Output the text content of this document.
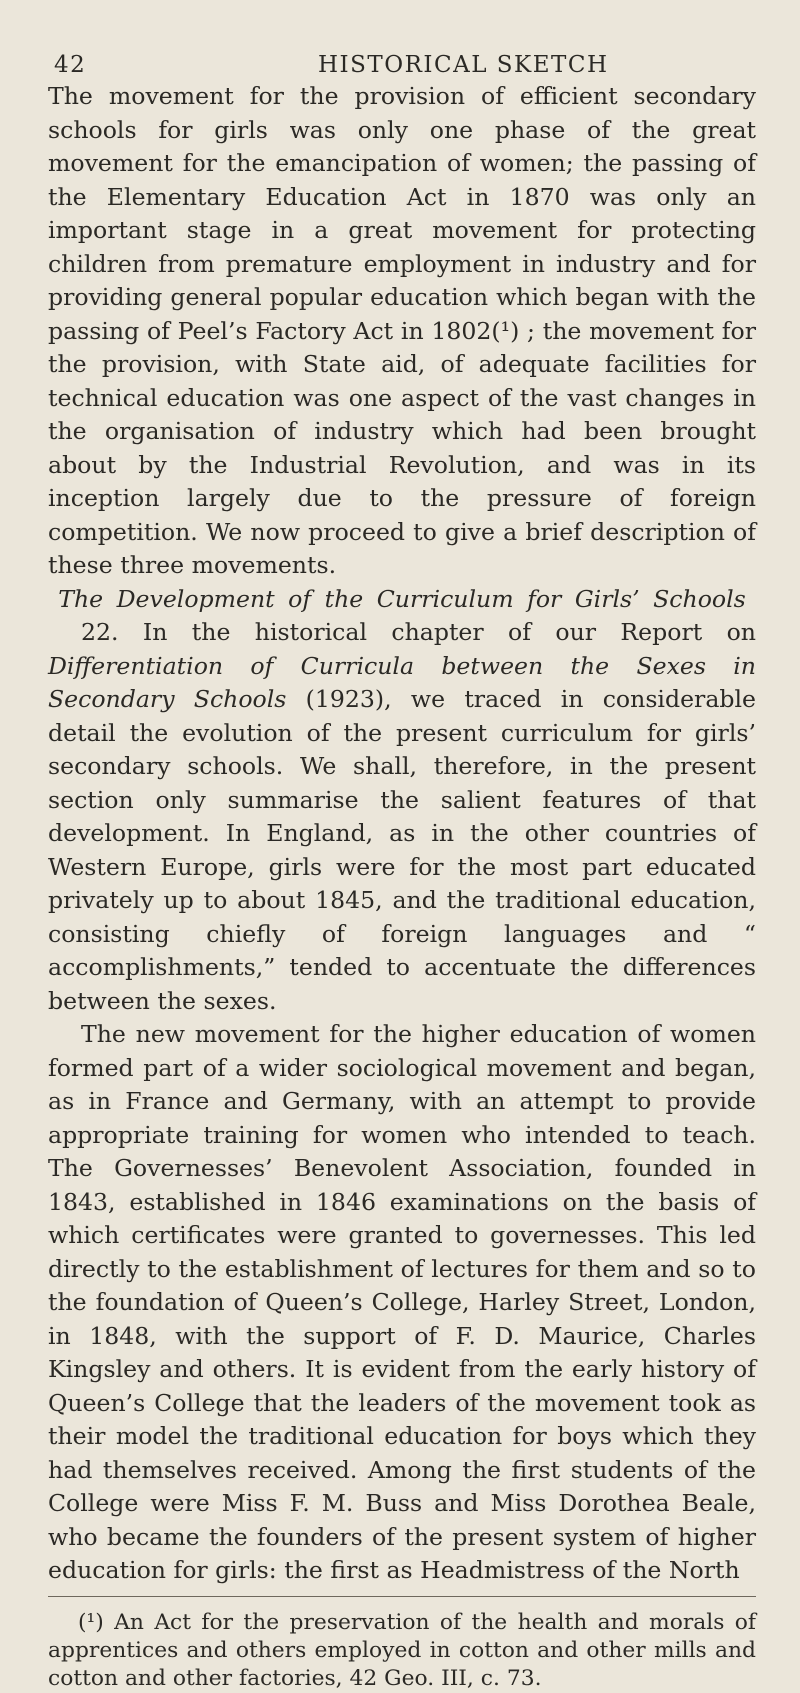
42	HISTORICAL SKETCH

The movement for the provision of efficient secondary schools for girls was only one phase of the great movement for the emancipation of women; the passing of the Elementary Education Act in 1870 was only an important stage in a great movement for protecting children from premature employment in industry and for providing general popular education which began with the passing of Peel’s Factory Act in 1802(¹) ; the movement for the provision, with State aid, of adequate facilities for technical education was one aspect of the vast changes in the organisation of industry which had been brought about by the Industrial Revolution, and was in its inception largely due to the pressure of foreign competition. We now proceed to give a brief description of these three movements.

The Development of the Curriculum for Girls’ Schools

22. In the historical chapter of our Report on Differentiation of Curricula between the Sexes in Secondary Schools (1923), we traced in considerable detail the evolution of the present curriculum for girls’ secondary schools. We shall, therefore, in the present section only summarise the salient features of that development. In England, as in the other countries of Western Europe, girls were for the most part educated privately up to about 1845, and the traditional education, consisting chiefly of foreign languages and “ accomplishments,” tended to accentuate the differences between the sexes.

The new movement for the higher education of women formed part of a wider sociological movement and began, as in France and Germany, with an attempt to provide appropriate training for women who intended to teach. The Governesses’ Benevolent Association, founded in 1843, established in 1846 examinations on the basis of which certificates were granted to governesses. This led directly to the establishment of lectures for them and so to the foundation of Queen’s College, Harley Street, London, in 1848, with the support of F. D. Maurice, Charles Kingsley and others. It is evident from the early history of Queen’s College that the leaders of the movement took as their model the traditional education for boys which they had themselves received. Among the first students of the College were Miss F. M. Buss and Miss Dorothea Beale, who became the founders of the present system of higher education for girls: the first as Headmistress of the North

(¹) An Act for the preservation of the health and morals of apprentices and others employed in cotton and other mills and cotton and other factories, 42 Geo. III, c. 73.
